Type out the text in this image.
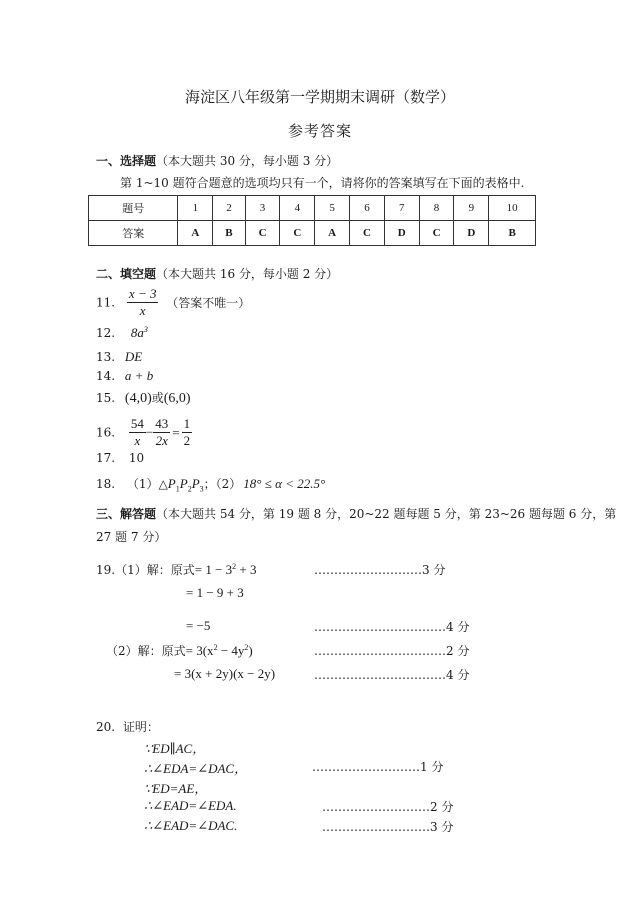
海淀区八年级第一学期期末调研（数学）
参考答案
一、选择题（本大题共 30 分，每小题 3 分）
第 1~10 题符合题意的选项均只有一个，请将你的答案填写在下面的表格中.
题号	1	2	3	4	5	6	7	8	9	10
答案	A	B	C	C	A	C	D	C	D	B
二、填空题（本大题共 16 分，每小题 2 分）
11. $\frac{x - 3}{x}$ （答案不唯一）
12. $8a^3$
13. DE
14. a + b
15. (4,0)或(6,0)
16. $\frac{54}{x} - \frac{43}{2x} = \frac{1}{2}$
17. 10
18. $(1)\triangle P_1P_2P_3$；（2） 18° ≤ α < 22.5°
三、解答题（本大题共 54 分，第 19 题 8 分，20~22 题每题 5 分，第 23~26 题每题 6 分，第
27 题 7 分）
19.（1）解：原式= $1 - 3^2 + 3$	………………………3 分
= 1 − 9 + 3
= −5	……………………………4 分
（2）解：原式= $3(x^2 - 4y^2)$	……………………………2 分
= 3(x + 2y)(x − 2y)	……………………………4 分
20. 证明：
∵ED∥AC，
∴∠EDA=∠DAC，	………………………1 分
∵ED=AE，
∴∠EAD=∠EDA.	………………………2 分
∴∠EAD=∠DAC.	………………………3 分
